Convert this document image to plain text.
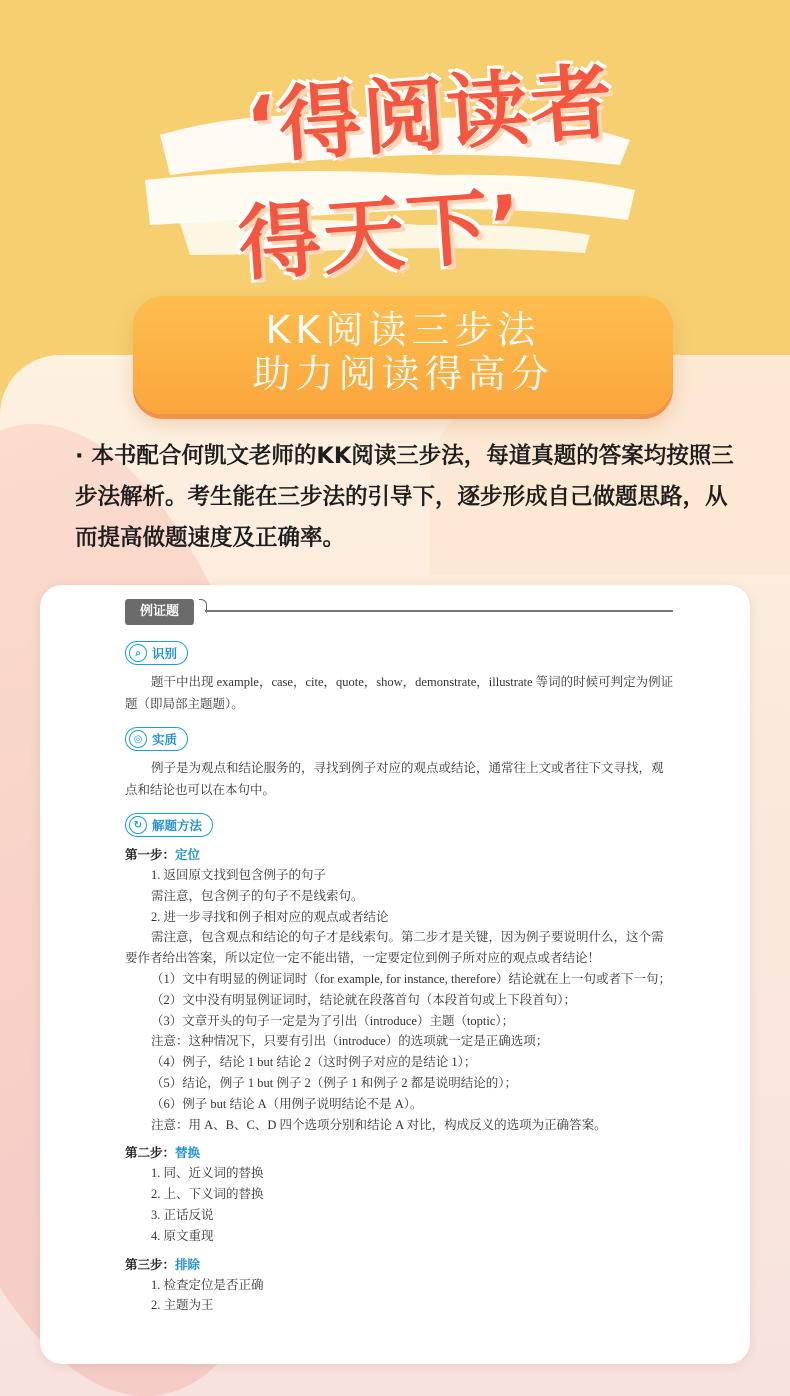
‘得阅读者
得天下’
KK阅读三步法
助力阅读得高分
· 本书配合何凯文老师的KK阅读三步法，每道真题的答案均按照三步法解析。考生能在三步法的引导下，逐步形成自己做题思路，从而提高做题速度及正确率。
例证题
⌕ 识别

题干中出现 example，case，cite，quote，show，demonstrate，illustrate 等词的时候可判定为例证题（即局部主题题）。

◎ 实质

例子是为观点和结论服务的，寻找到例子对应的观点或结论，通常往上文或者往下文寻找，观点和结论也可以在本句中。

↻ 解题方法
第一步：定位
1. 返回原文找到包含例子的句子
需注意，包含例子的句子不是线索句。
2. 进一步寻找和例子相对应的观点或者结论
需注意，包含观点和结论的句子才是线索句。第二步才是关键，因为例子要说明什么，这个需要作者给出答案，所以定位一定不能出错，一定要定位到例子所对应的观点或者结论！
（1）文中有明显的例证词时（for example, for instance, therefore）结论就在上一句或者下一句；
（2）文中没有明显例证词时，结论就在段落首句（本段首句或上下段首句）；
（3）文章开头的句子一定是为了引出（introduce）主题（toptic）；
注意：这种情况下，只要有引出（introduce）的选项就一定是正确选项；
（4）例子，结论 1 but 结论 2（这时例子对应的是结论 1）；
（5）结论，例子 1 but 例子 2（例子 1 和例子 2 都是说明结论的）；
（6）例子 but 结论 A（用例子说明结论不是 A）。
注意：用 A、B、C、D 四个选项分别和结论 A 对比，构成反义的选项为正确答案。
第二步：替换
1. 同、近义词的替换
2. 上、下义词的替换
3. 正话反说
4. 原文重现
第三步：排除
1. 检查定位是否正确
2. 主题为王
